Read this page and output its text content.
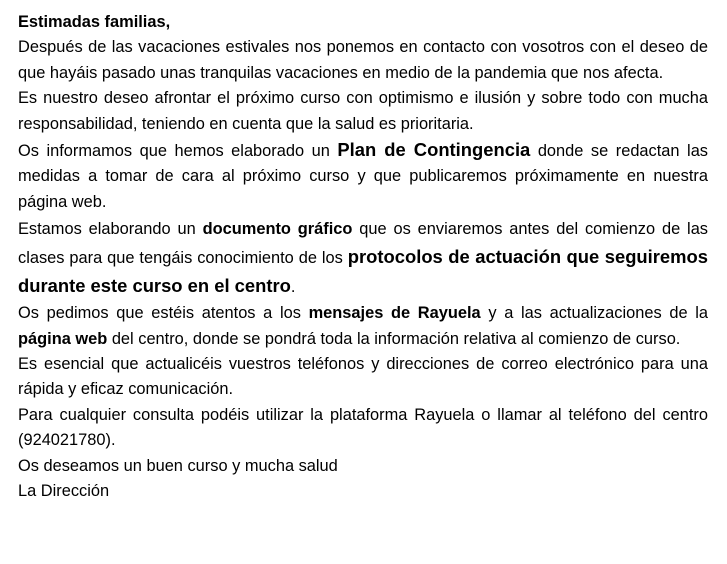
Estimadas familias,

Después de las vacaciones estivales nos ponemos en contacto con vosotros con el deseo de que hayáis pasado unas tranquilas vacaciones en medio de la pandemia que nos afecta.

Es nuestro deseo afrontar el próximo curso con optimismo e ilusión y sobre todo con mucha responsabilidad, teniendo en cuenta que la salud es prioritaria.

Os informamos que hemos elaborado un Plan de Contingencia donde se redactan las medidas a tomar de cara al próximo curso y que publicaremos próximamente en nuestra página web.

Estamos elaborando un documento gráfico que os enviaremos antes del comienzo de las clases para que tengáis conocimiento de los protocolos de actuación que seguiremos durante este curso en el centro.

Os pedimos que estéis atentos a los mensajes de Rayuela y a las actualizaciones de la página web del centro, donde se pondrá toda la información relativa al comienzo de curso.

Es esencial que actualicéis vuestros teléfonos y direcciones de correo electrónico para una rápida y eficaz comunicación.

Para cualquier consulta podéis utilizar la plataforma Rayuela o llamar al teléfono del centro (924021780).

Os deseamos un buen curso y mucha salud

La Dirección
